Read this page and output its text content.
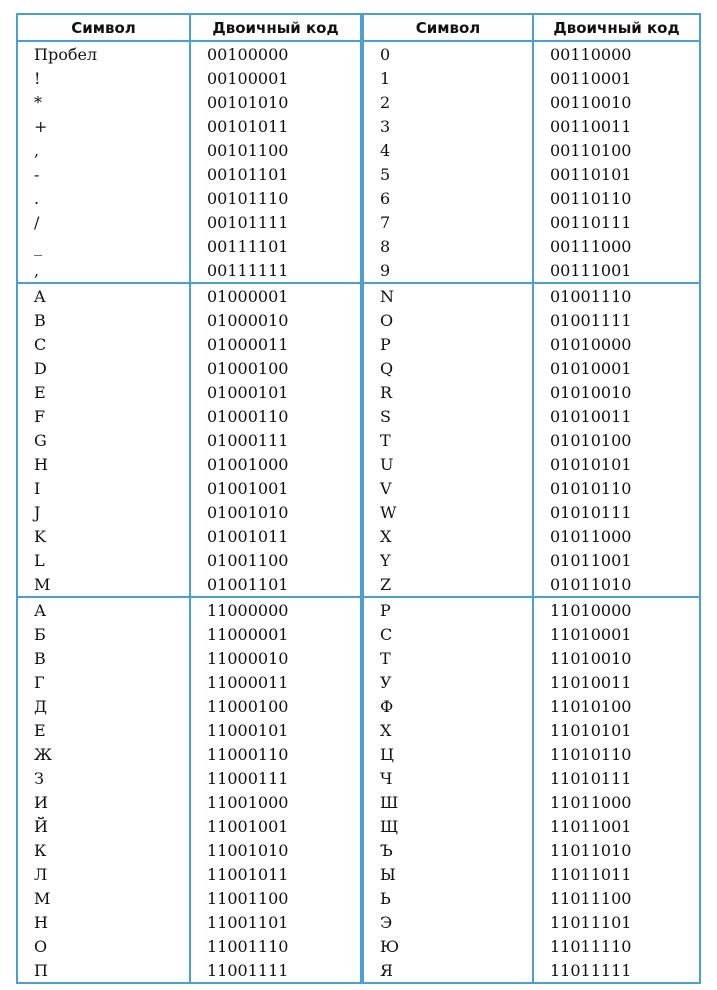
Символ	Двоичный код	Символ	Двоичный код
Пробел	00100000	0	00110000
!	00100001	1	00110001
*	00101010	2	00110010
+	00101011	3	00110011
,	00101100	4	00110100
-	00101101	5	00110101
.	00101110	6	00110110
/	00101111	7	00110111
_	00111101	8	00111000
,	00111111	9	00111001
A	01000001	N	01001110
B	01000010	O	01001111
C	01000011	P	01010000
D	01000100	Q	01010001
E	01000101	R	01010010
F	01000110	S	01010011
G	01000111	T	01010100
H	01001000	U	01010101
I	01001001	V	01010110
J	01001010	W	01010111
K	01001011	X	01011000
L	01001100	Y	01011001
M	01001101	Z	01011010
А	11000000	Р	11010000
Б	11000001	С	11010001
В	11000010	Т	11010010
Г	11000011	У	11010011
Д	11000100	Ф	11010100
Е	11000101	Х	11010101
Ж	11000110	Ц	11010110
З	11000111	Ч	11010111
И	11001000	Ш	11011000
Й	11001001	Щ	11011001
К	11001010	Ъ	11011010
Л	11001011	Ы	11011011
М	11001100	Ь	11011100
Н	11001101	Э	11011101
О	11001110	Ю	11011110
П	11001111	Я	11011111
